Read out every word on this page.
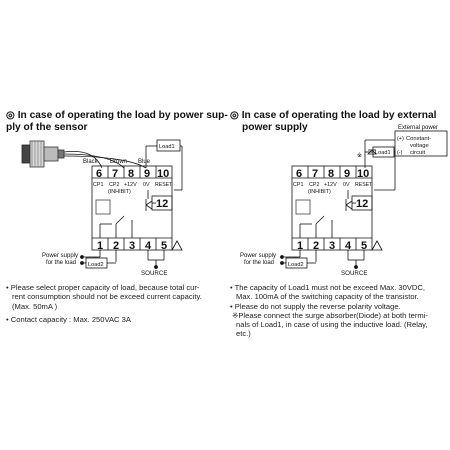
◎ In case of operating the load by power sup-
ply of the sensor
◎ In case of operating the load by external
power supply
Black Brown Blue
Load1
6 7 8 9 10
CP1 CP2 +12V 0V RESET
(INHIBIT)
12
1 2 3 4 5
Power supply
for the load Load2
SOURCE
External power
(+) Constant-
voltage
(-) circuit
Load1
※
6 7 8 9 10
CP1 CP2 +12V 0V RESET
(INHIBIT)
12
1 2 3 4 5
Power supply
for the load Load2
SOURCE
• Please select proper capacity of load, because total cur-
rent consumption should not be exceed current capacity.
(Max. 50mA )
• Contact capacity : Max. 250VAC 3A
• The capacity of Load1 must not be exceed Max. 30VDC,
Max. 100mA of the switching capacity of the transistor.
• Please do not supply the reverse polarity voltage.
※Please connect the surge absorber(Diode) at both termi-
nals of Load1, in case of using the inductive load. (Relay,
etc.)
